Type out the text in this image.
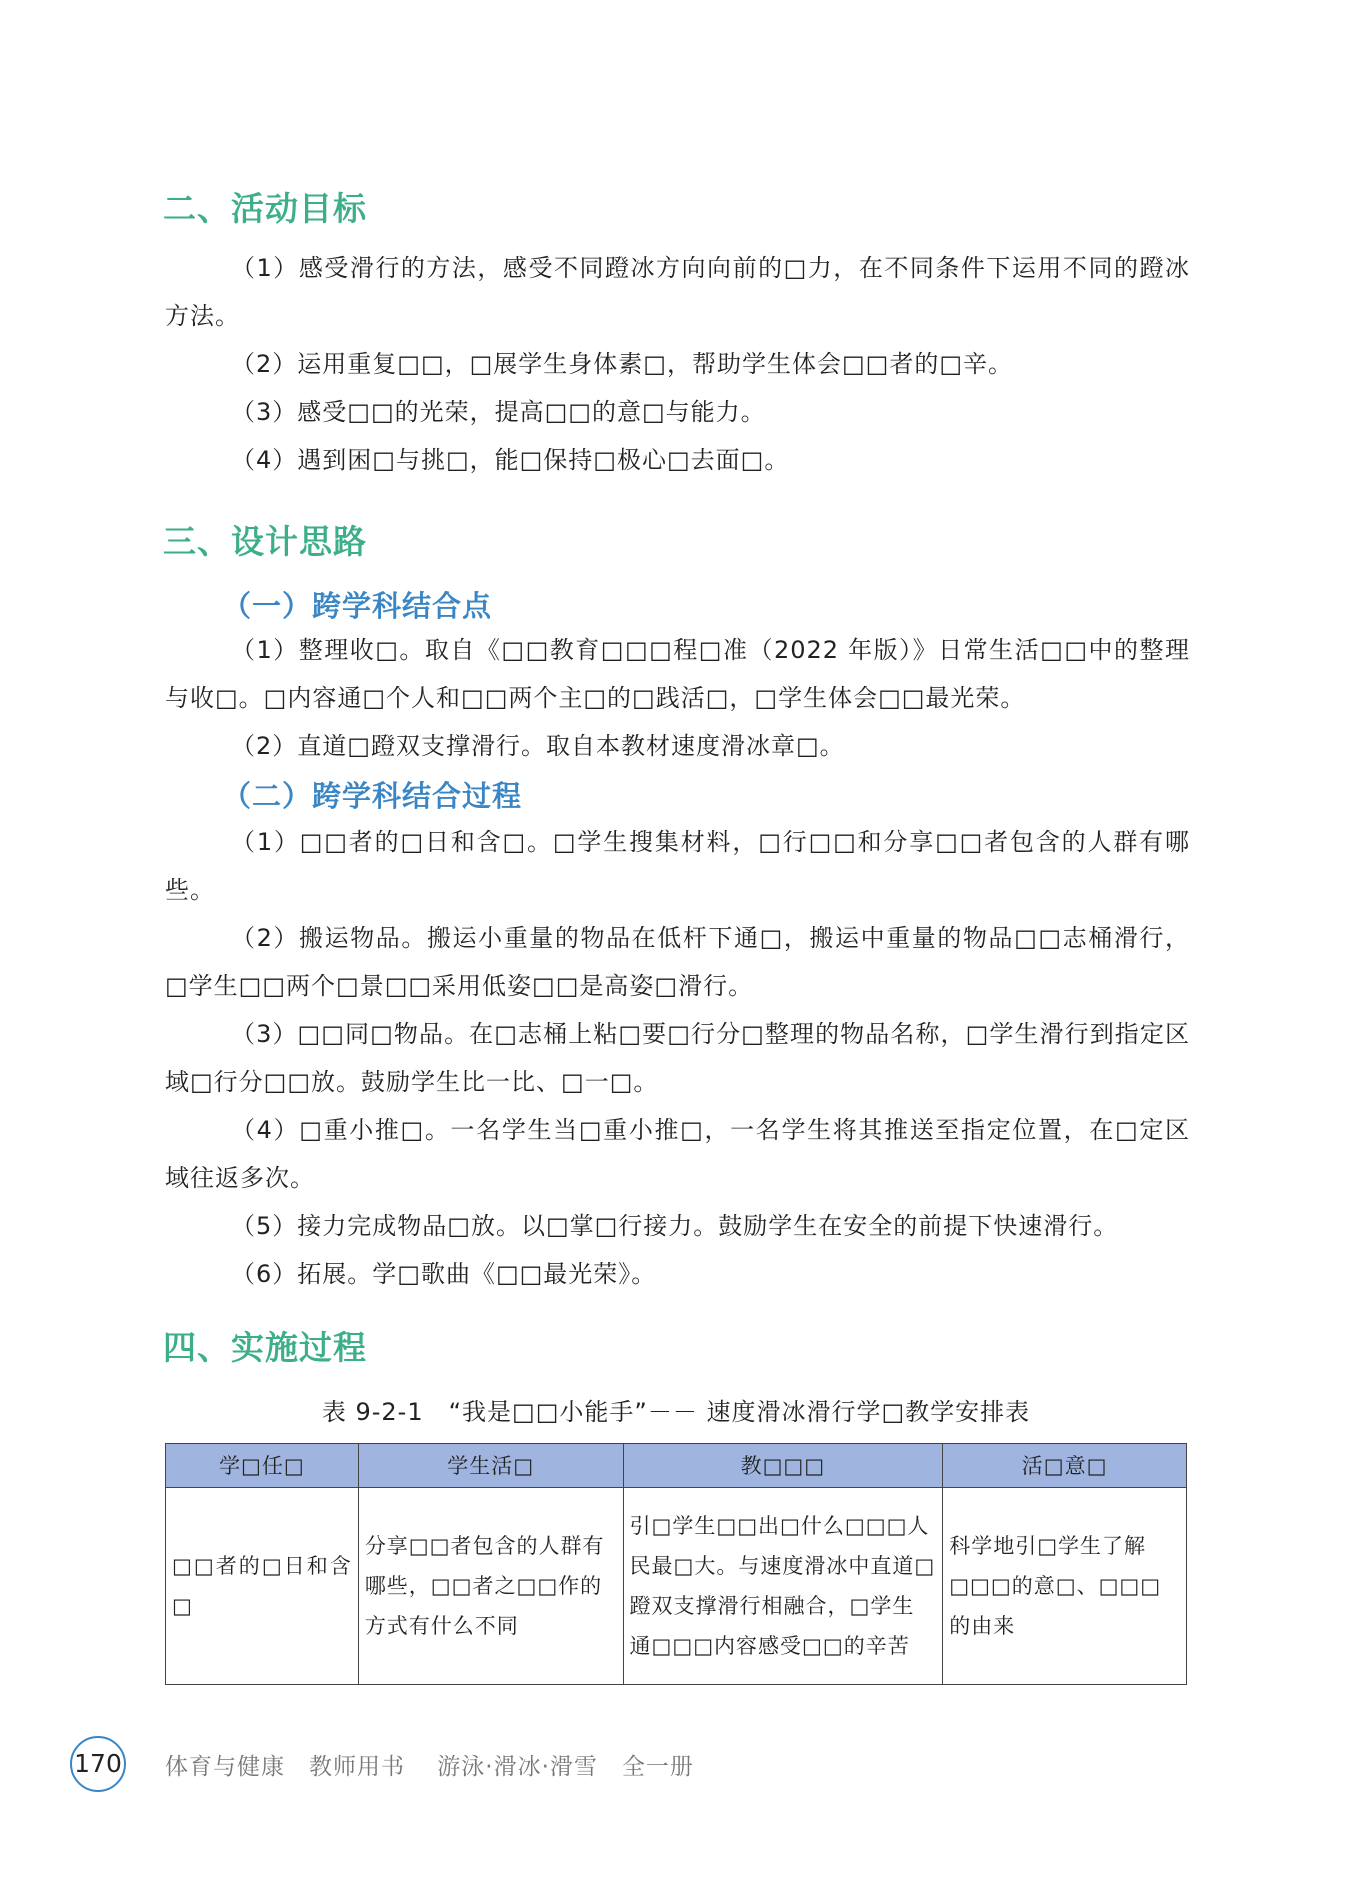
二、活动目标
（1）感受滑行的方法，感受不同蹬冰方向向前的□力，在不同条件下运用不同的蹬冰方法。
（2）运用重复□□，□展学生身体素□，帮助学生体会□□者的□辛。
（3）感受□□的光荣，提高□□的意□与能力。
（4）遇到困□与挑□，能□保持□极心□去面□。
三、设计思路
（一）跨学科结合点
（1）整理收□。取自《□□教育□□□程□准（2022 年版）》日常生活□□中的整理与收□。□内容通□个人和□□两个主□的□践活□，□学生体会□□最光荣。
（2）直道□蹬双支撑滑行。取自本教材速度滑冰章□。
（二）跨学科结合过程
（1）□□者的□日和含□。□学生搜集材料，□行□□和分享□□者包含的人群有哪些。
（2）搬运物品。搬运小重量的物品在低杆下通□，搬运中重量的物品□□志桶滑行，□学生□□两个□景□□采用低姿□□是高姿□滑行。
（3）□□同□物品。在□志桶上粘□要□行分□整理的物品名称，□学生滑行到指定区域□行分□□放。鼓励学生比一比、□一□。
（4）□重小推□。一名学生当□重小推□，一名学生将其推送至指定位置，在□定区域往返多次。
（5）接力完成物品□放。以□掌□行接力。鼓励学生在安全的前提下快速滑行。
（6）拓展。学□歌曲《□□最光荣》。
四、实施过程
表 9-2-1　“我是□□小能手”－－ 速度滑冰滑行学□教学安排表
学□任□	学生活□	教□□□	活□意□
□□者的□日和含□	分享□□者包含的人群有哪些，□□者之□□作的方式有什么不同	引□学生□□出□什么□□□人民最□大。与速度滑冰中直道□蹬双支撑滑行相融合，□学生通□□□内容感受□□的辛苦	科学地引□学生了解□□□的意□、□□□的由来
170 体育与健康　教师用书　 游泳·滑冰·滑雪　全一册
